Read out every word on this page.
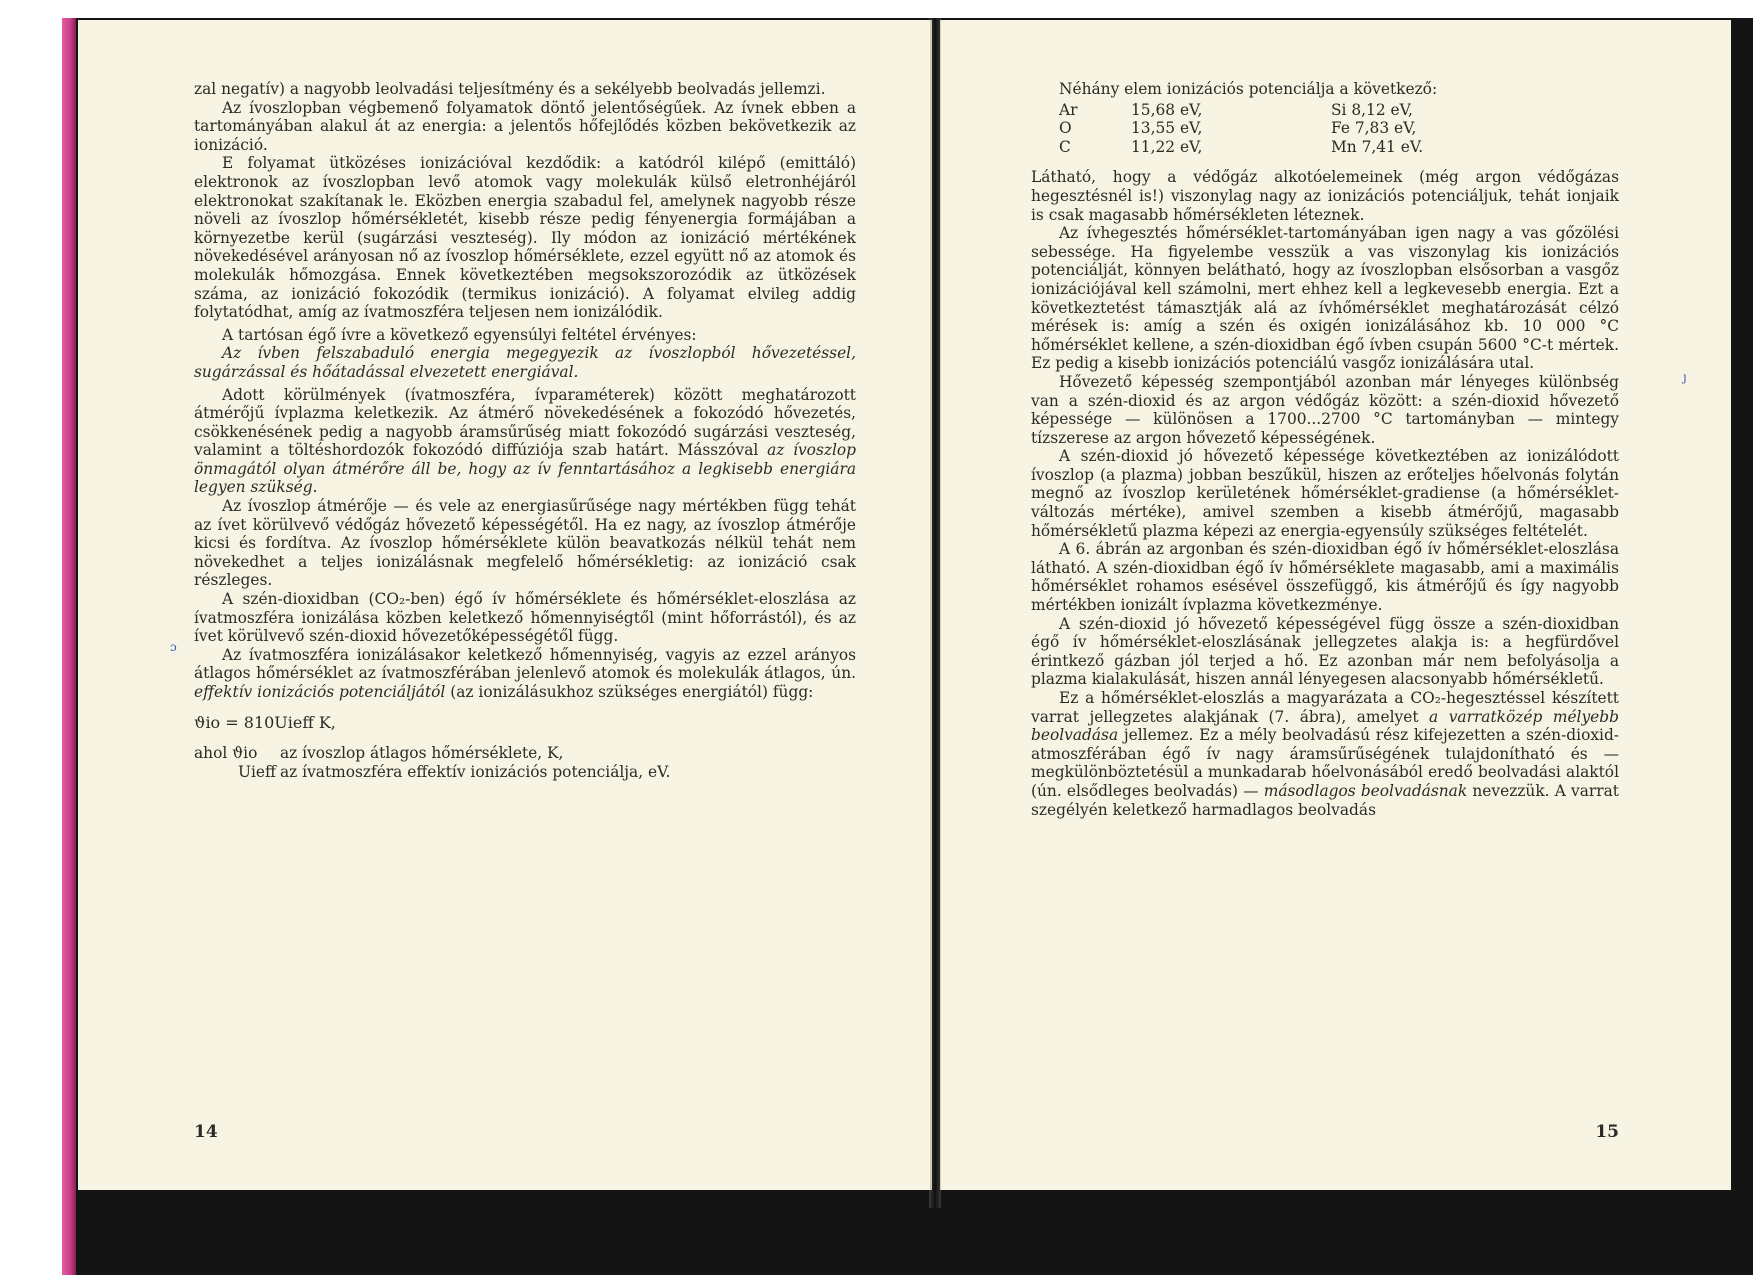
zal negatív) a nagyobb leolvadási teljesítmény és a sekélyebb beolvadás jellemzi.

Az ívoszlopban végbemenő folyamatok döntő jelentőségűek. Az ívnek ebben a tartományában alakul át az energia: a jelentős hőfejlődés közben bekövetkezik az ionizáció.

E folyamat ütközéses ionizációval kezdődik: a katódról kilépő (emittáló) elektronok az ívoszlopban levő atomok vagy molekulák külső eletronhéjáról elektronokat szakítanak le. Eközben energia szabadul fel, amelynek nagyobb része növeli az ívoszlop hőmérsékletét, kisebb része pedig fényenergia formájában a környezetbe kerül (sugárzási veszteség). Ily módon az ionizáció mértékének növekedésével arányosan nő az ívoszlop hőmérséklete, ezzel együtt nő az atomok és molekulák hőmozgása. Ennek következtében megsokszorozódik az ütközések száma, az ionizáció fokozódik (termikus ionizáció). A folyamat elvileg addig folytatódhat, amíg az ívatmoszféra teljesen nem ionizálódik.

A tartósan égő ívre a következő egyensúlyi feltétel érvényes:

Az ívben felszabaduló energia megegyezik az ívoszlopból hővezetéssel, sugárzással és hőátadással elvezetett energiával.

Adott körülmények (ívatmoszféra, ívparaméterek) között meghatározott átmérőjű ívplazma keletkezik. Az átmérő növekedésének a fokozódó hővezetés, csökkenésének pedig a nagyobb áramsűrűség miatt fokozódó sugárzási veszteség, valamint a töltéshordozók fokozódó diffúziója szab határt. Másszóval az ívoszlop önmagától olyan átmérőre áll be, hogy az ív fenntartásához a legkisebb energiára legyen szükség.

Az ívoszlop átmérője — és vele az energiasűrűsége nagy mértékben függ tehát az ívet körülvevő védőgáz hővezető képességétől. Ha ez nagy, az ívoszlop átmérője kicsi és fordítva. Az ívoszlop hőmérséklete külön beavatkozás nélkül tehát nem növekedhet a teljes ionizálásnak megfelelő hőmérsékletig: az ionizáció csak részleges.

A szén-dioxidban (CO₂-ben) égő ív hőmérséklete és hőmérséklet-eloszlása az ívatmoszféra ionizálása közben keletkező hőmennyiségtől (mint hőforrástól), és az ívet körülvevő szén-dioxid hővezetőképességétől függ.

Az ívatmoszféra ionizálásakor keletkező hőmennyiség, vagyis az ezzel arányos átlagos hőmérséklet az ívatmoszférában jelenlevő atomok és molekulák átlagos, ún. effektív ionizációs potenciáljától (az ionizálásukhoz szükséges energiától) függ:

ϑio = 810Uieff K,

ahol ϑio	az ívoszlop átlagos hőmérséklete, K,
Uieff az ívatmoszféra effektív ionizációs potenciálja, eV.
ɔ
14

Néhány elem ionizációs potenciálja a következő:

Ar	15,68 eV,	Si 8,12 eV,
O	13,55 eV,	Fe 7,83 eV,
C	11,22 eV,	Mn 7,41 eV.

Látható, hogy a védőgáz alkotóelemeinek (még argon védőgázas hegesztésnél is!) viszonylag nagy az ionizációs potenciáljuk, tehát ionjaik is csak magasabb hőmérsékleten léteznek.

Az ívhegesztés hőmérséklet-tartományában igen nagy a vas gőzölési sebessége. Ha figyelembe vesszük a vas viszonylag kis ionizációs potenciálját, könnyen belátható, hogy az ívoszlopban elsősorban a vasgőz ionizációjával kell számolni, mert ehhez kell a legkevesebb energia. Ezt a következtetést támasztják alá az ívhőmérséklet meghatározását célzó mérések is: amíg a szén és oxigén ionizálásához kb. 10 000 °C hőmérséklet kellene, a szén-dioxidban égő ívben csupán 5600 °C-t mértek. Ez pedig a kisebb ionizációs potenciálú vasgőz ionizálására utal.

Hővezető képesség szempontjából azonban már lényeges különbség van a szén-dioxid és az argon védőgáz között: a szén-dioxid hővezető képessége — különösen a 1700...2700 °C tartományban — mintegy tízszerese az argon hővezető képességének.

A szén-dioxid jó hővezető képessége következtében az ionizálódott ívoszlop (a plazma) jobban beszűkül, hiszen az erőteljes hőelvonás folytán megnő az ívoszlop kerületének hőmérséklet-gradiense (a hőmérséklet-változás mértéke), amivel szemben a kisebb átmérőjű, magasabb hőmérsékletű plazma képezi az energia-egyensúly szükséges feltételét.

A 6. ábrán az argonban és szén-dioxidban égő ív hőmérséklet-eloszlása látható. A szén-dioxidban égő ív hőmérséklete magasabb, ami a maximális hőmérséklet rohamos esésével összefüggő, kis átmérőjű és így nagyobb mértékben ionizált ívplazma következménye.

A szén-dioxid jó hővezető képességével függ össze a szén-dioxidban égő ív hőmérséklet-eloszlásának jellegzetes alakja is: a hegfürdővel érintkező gázban jól terjed a hő. Ez azonban már nem befolyásolja a plazma kialakulását, hiszen annál lényegesen alacsonyabb hőmérsékletű.

Ez a hőmérséklet-eloszlás a magyarázata a CO₂-hegesztéssel készített varrat jellegzetes alakjának (7. ábra), amelyet a varratközép mélyebb beolvadása jellemez. Ez a mély beolvadású rész kifejezetten a szén-dioxid-atmoszférában égő ív nagy áramsűrűségének tulajdonítható és — megkülönböztetésül a munkadarab hőelvonásából eredő beolvadási alaktól (ún. elsődleges beolvadás) — másodlagos beolvadásnak nevezzük. A varrat szegélyén keletkező harmadlagos beolvadás

ȷ
15
